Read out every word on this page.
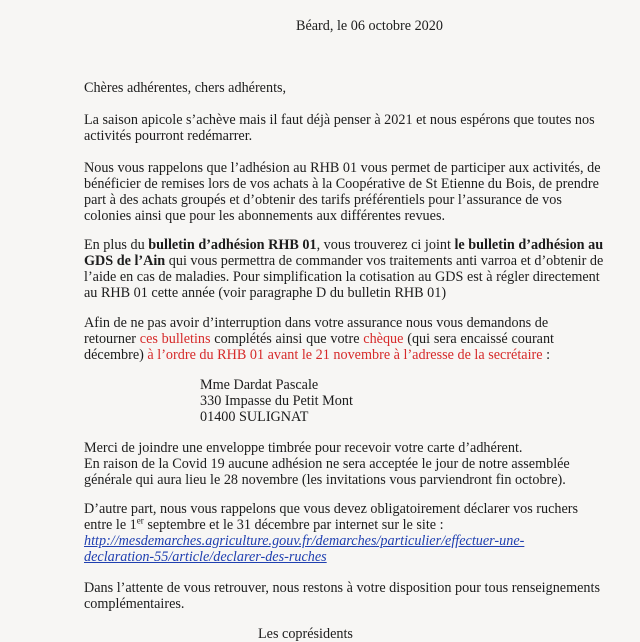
Béard, le 06 octobre 2020
Chères adhérentes, chers adhérents,
La saison apicole s’achève mais il faut déjà penser à 2021 et nous espérons que toutes nos
activités pourront redémarrer.
Nous vous rappelons que l’adhésion au RHB 01 vous permet de participer aux activités, de
bénéficier de remises lors de vos achats à la Coopérative de St Etienne du Bois, de prendre
part à des achats groupés et d’obtenir des tarifs préférentiels pour l’assurance de vos
colonies ainsi que pour les abonnements aux différentes revues.
En plus du bulletin d’adhésion RHB 01, vous trouverez ci joint le bulletin d’adhésion au
GDS de l’Ain qui vous permettra de commander vos traitements anti varroa et d’obtenir de
l’aide en cas de maladies. Pour simplification la cotisation au GDS est à régler directement
au RHB 01 cette année (voir paragraphe D du bulletin RHB 01)
Afin de ne pas avoir d’interruption dans votre assurance nous vous demandons de
retourner ces bulletins complétés ainsi que votre chèque (qui sera encaissé courant
décembre) à l’ordre du RHB 01 avant le 21 novembre à l’adresse de la secrétaire :
Mme Dardat Pascale
330 Impasse du Petit Mont
01400 SULIGNAT
Merci de joindre une enveloppe timbrée pour recevoir votre carte d’adhérent.
En raison de la Covid 19 aucune adhésion ne sera acceptée le jour de notre assemblée
générale qui aura lieu le 28 novembre (les invitations vous parviendront fin octobre).
D’autre part, nous vous rappelons que vous devez obligatoirement déclarer vos ruchers
entre le 1er septembre et le 31 décembre par internet sur le site :
http://mesdemarches.agriculture.gouv.fr/demarches/particulier/effectuer-une-
declaration-55/article/declarer-des-ruches
Dans l’attente de vous retrouver, nous restons à votre disposition pour tous renseignements
complémentaires.
Les coprésidents
